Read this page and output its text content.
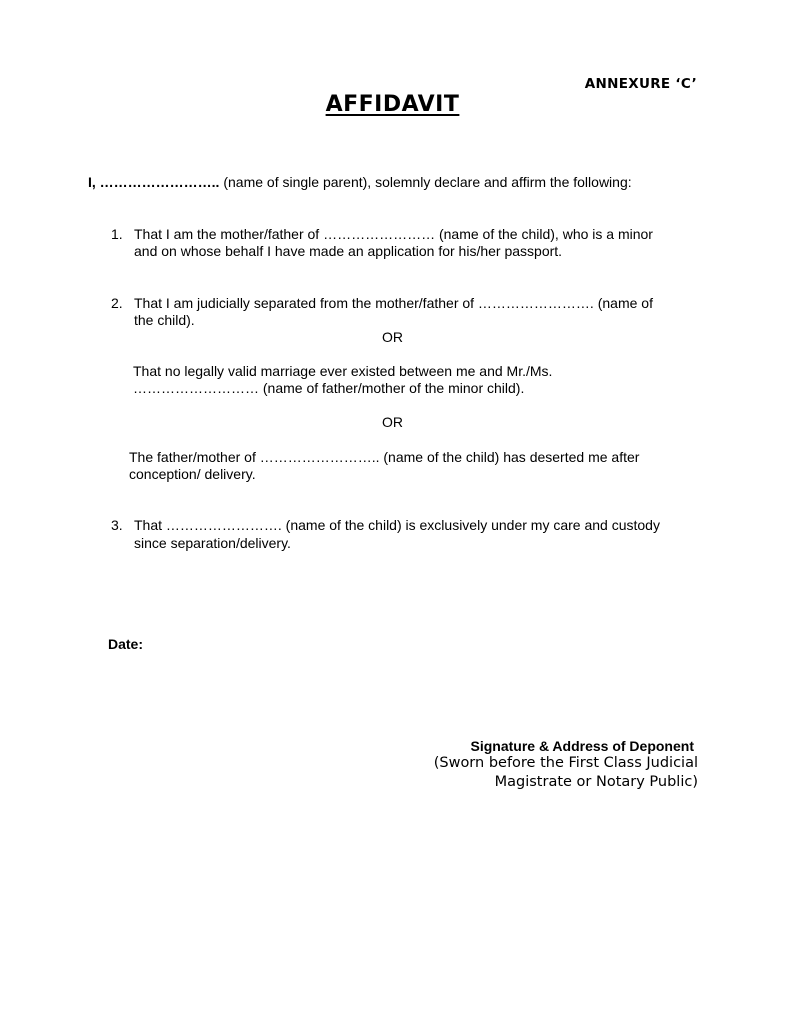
ANNEXURE ‘C’
AFFIDAVIT
I, …………………….. (name of single parent), solemnly declare and affirm the following:
1. That I am the mother/father of …………………… (name of the child), who is a minor
and on whose behalf I have made an application for his/her passport.
2. That I am judicially separated from the mother/father of ……………………. (name of
the child).
OR
That no legally valid marriage ever existed between me and Mr./Ms.
……………………… (name of father/mother of the minor child).
OR
The father/mother of …………………….. (name of the child) has deserted me after
conception/ delivery.
3. That ……………………. (name of the child) is exclusively under my care and custody
since separation/delivery.
Date:
Signature & Address of Deponent
(Sworn before the First Class Judicial
Magistrate or Notary Public)
